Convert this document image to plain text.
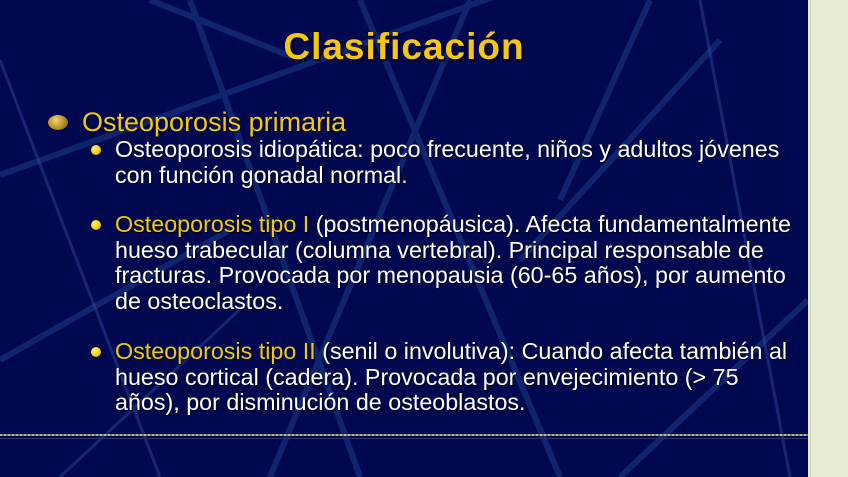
Clasificación
Osteoporosis primaria
Osteoporosis idiopática: poco frecuente, niños y adultos jóvenes con función gonadal normal.
Osteoporosis tipo I (postmenopáusica). Afecta fundamentalmente hueso trabecular (columna vertebral). Principal responsable de fracturas. Provocada por menopausia (60-65 años), por aumento de osteoclastos.
Osteoporosis tipo II (senil o involutiva): Cuando afecta también al hueso cortical (cadera). Provocada por envejecimiento (> 75 años), por disminución de osteoblastos.
